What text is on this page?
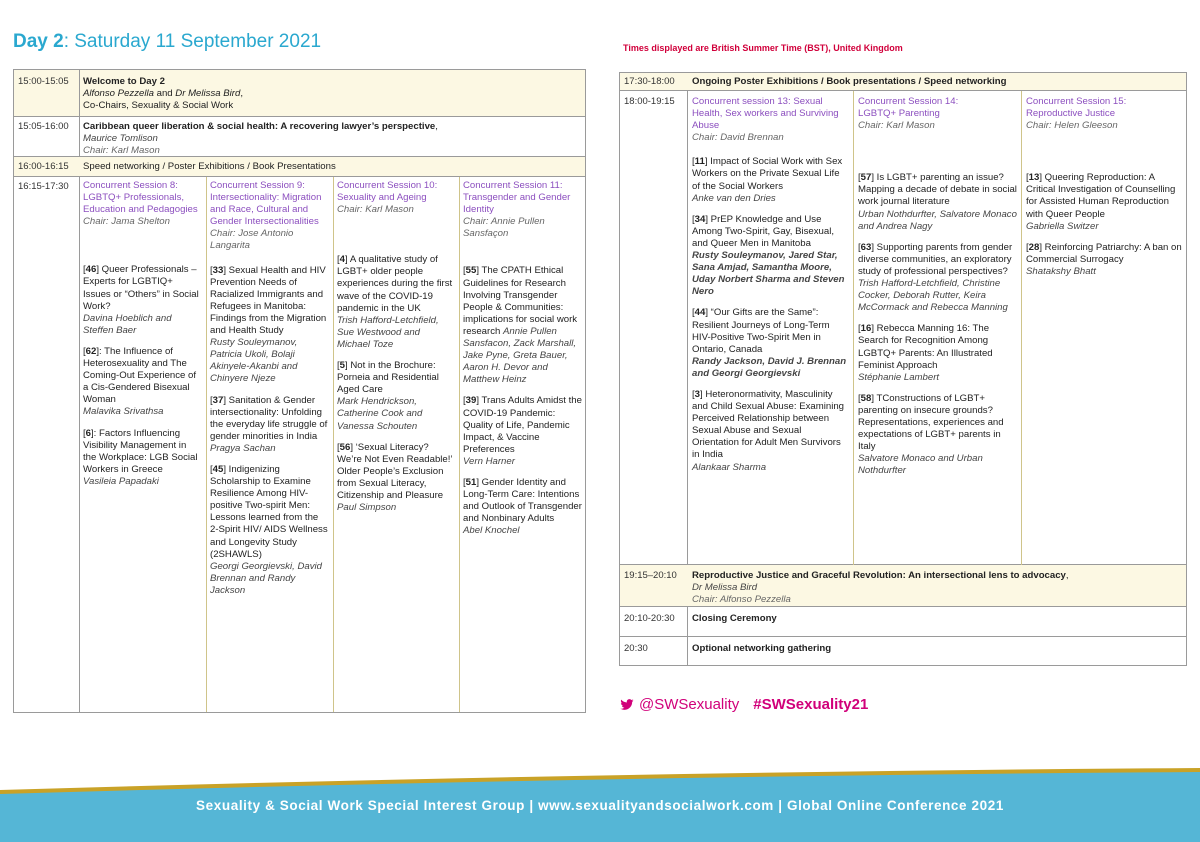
Day 2: Saturday 11 September 2021	Times displayed are British Summer Time (BST), United Kingdom
15:00-15:05 Welcome to Day 2
Alfonso Pezzella and Dr Melissa Bird,
Co-Chairs, Sexuality & Social Work
15:05-16:00 Caribbean queer liberation & social health: A recovering lawyer’s perspective,
Maurice Tomlison
Chair: Karl Mason
16:00-16:15 Speed networking / Poster Exhibitions / Book Presentations
16:15-17:30 Concurrent Session 8:
LGBTQ+ Professionals, Education and Pedagogies
Chair: Jama Shelton
[46] Queer Professionals – Experts for LGBTIQ+ Issues or “Others” in Social Work?
Davina Hoeblich and Steffen Baer
[62]: The Influence of Heterosexuality and The Coming-Out Experience of a Cis-Gendered Bisexual Woman
Malavika Srivathsa
[6]: Factors Influencing Visibility Management in the Workplace: LGB Social Workers in Greece
Vasileia Papadaki
Concurrent Session 9:
Intersectionality: Migration and Race, Cultural and Gender Intersectionalities
Chair: Jose Antonio Langarita
[33] Sexual Health and HIV Prevention Needs of Racialized Immigrants and Refugees in Manitoba: Findings from the Migration and Health Study
Rusty Souleymanov, Patricia Ukoli, Bolaji Akinyele-Akanbi and Chinyere Njeze
[37] Sanitation & Gender intersectionality: Unfolding the everyday life struggle of gender minorities in India
Pragya Sachan
[45] Indigenizing Scholarship to Examine Resilience Among HIV-positive Two-spirit Men: Lessons learned from the 2-Spirit HIV/ AIDS Wellness and Longevity Study (2SHAWLS)
Georgi Georgievski, David Brennan and Randy Jackson
Concurrent Session 10:
Sexuality and Ageing
Chair: Karl Mason
[4] A qualitative study of LGBT+ older people experiences during the first wave of the COVID-19 pandemic in the UK
Trish Hafford-Letchfield, Sue Westwood and Michael Toze
[5] Not in the Brochure: Porneia and Residential Aged Care
Mark Hendrickson, Catherine Cook and Vanessa Schouten
[56] ‘Sexual Literacy? We’re Not Even Readable!’ Older People’s Exclusion from Sexual Literacy, Citizenship and Pleasure
Paul Simpson
Concurrent Session 11:
Transgender and Gender Identity
Chair: Annie Pullen Sansfaçon
[55] The CPATH Ethical Guidelines for Research Involving Transgender People & Communities: implications for social work research Annie Pullen Sansfacon, Zack Marshall, Jake Pyne, Greta Bauer, Aaron H. Devor and Matthew Heinz
[39] Trans Adults Amidst the COVID-19 Pandemic: Quality of Life, Pandemic Impact, & Vaccine Preferences
Vern Harner
[51] Gender Identity and Long-Term Care: Intentions and Outlook of Transgender and Nonbinary Adults
Abel Knochel
17:30-18:00 Ongoing Poster Exhibitions / Book presentations / Speed networking
18:00-19:15 Concurrent session 13: Sexual Health, Sex workers and Surviving Abuse
Chair: David Brennan
[11] Impact of Social Work with Sex Workers on the Private Sexual Life of the Social Workers
Anke van den Dries
[34] PrEP Knowledge and Use Among Two-Spirit, Gay, Bisexual, and Queer Men in Manitoba
Rusty Souleymanov, Jared Star, Sana Amjad, Samantha Moore, Uday Norbert Sharma and Steven Nero
[44] “Our Gifts are the Same”: Resilient Journeys of Long-Term HIV-Positive Two-Spirit Men in Ontario, Canada
Randy Jackson, David J. Brennan and Georgi Georgievski
[3] Heteronormativity, Masculinity and Child Sexual Abuse: Examining Perceived Relationship between Sexual Abuse and Sexual Orientation for Adult Men Survivors in India
Alankaar Sharma
Concurrent Session 14:
LGBTQ+ Parenting
Chair: Karl Mason
[57] Is LGBT+ parenting an issue? Mapping a decade of debate in social work journal literature
Urban Nothdurfter, Salvatore Monaco and Andrea Nagy
[63] Supporting parents from gender diverse communities, an exploratory study of professional perspectives?
Trish Hafford-Letchfield, Christine Cocker, Deborah Rutter, Keira McCormack and Rebecca Manning
[16] Rebecca Manning 16: The Search for Recognition Among LGBTQ+ Parents: An Illustrated Feminist Approach
Stéphanie Lambert
[58] TConstructions of LGBT+ parenting on insecure grounds? Representations, experiences and expectations of LGBT+ parents in Italy
Salvatore Monaco and Urban Nothdurfter
Concurrent Session 15:
Reproductive Justice
Chair: Helen Gleeson
[13] Queering Reproduction: A Critical Investigation of Counselling for Assisted Human Reproduction with Queer People
Gabriella Switzer
[28] Reinforcing Patriarchy: A ban on Commercial Surrogacy
Shatakshy Bhatt
19:15–20:10 Reproductive Justice and Graceful Revolution: An intersectional lens to advocacy,
Dr Melissa Bird
Chair: Alfonso Pezzella
20:10-20:30 Closing Ceremony
20:30	Optional networking gathering
@SWSexuality #SWSexuality21
Sexuality & Social Work Special Interest Group | www.sexualityandsocialwork.com | Global Online Conference 2021
